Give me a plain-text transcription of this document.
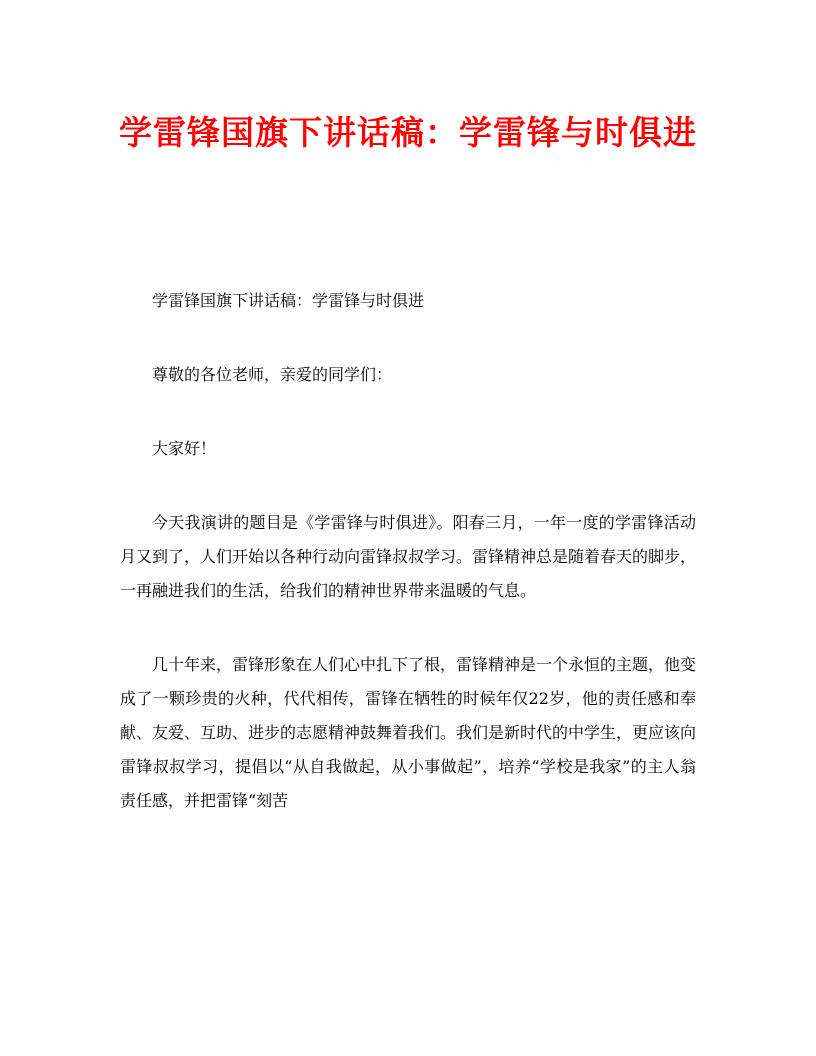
学雷锋国旗下讲话稿：学雷锋与时俱进

学雷锋国旗下讲话稿：学雷锋与时俱进

尊敬的各位老师，亲爱的同学们：

大家好！

今天我演讲的题目是《学雷锋与时俱进》。阳春三月，一年一度的学雷锋活动月又到了，人们开始以各种行动向雷锋叔叔学习。雷锋精神总是随着春天的脚步，一再融进我们的生活，给我们的精神世界带来温暖的气息。

几十年来，雷锋形象在人们心中扎下了根，雷锋精神是一个永恒的主题，他变成了一颗珍贵的火种，代代相传，雷锋在牺牲的时候年仅22岁，他的责任感和奉献、友爱、互助、进步的志愿精神鼓舞着我们。我们是新时代的中学生，更应该向雷锋叔叔学习，提倡以“从自我做起，从小事做起”，培养“学校是我家”的主人翁责任感，并把雷锋“刻苦
